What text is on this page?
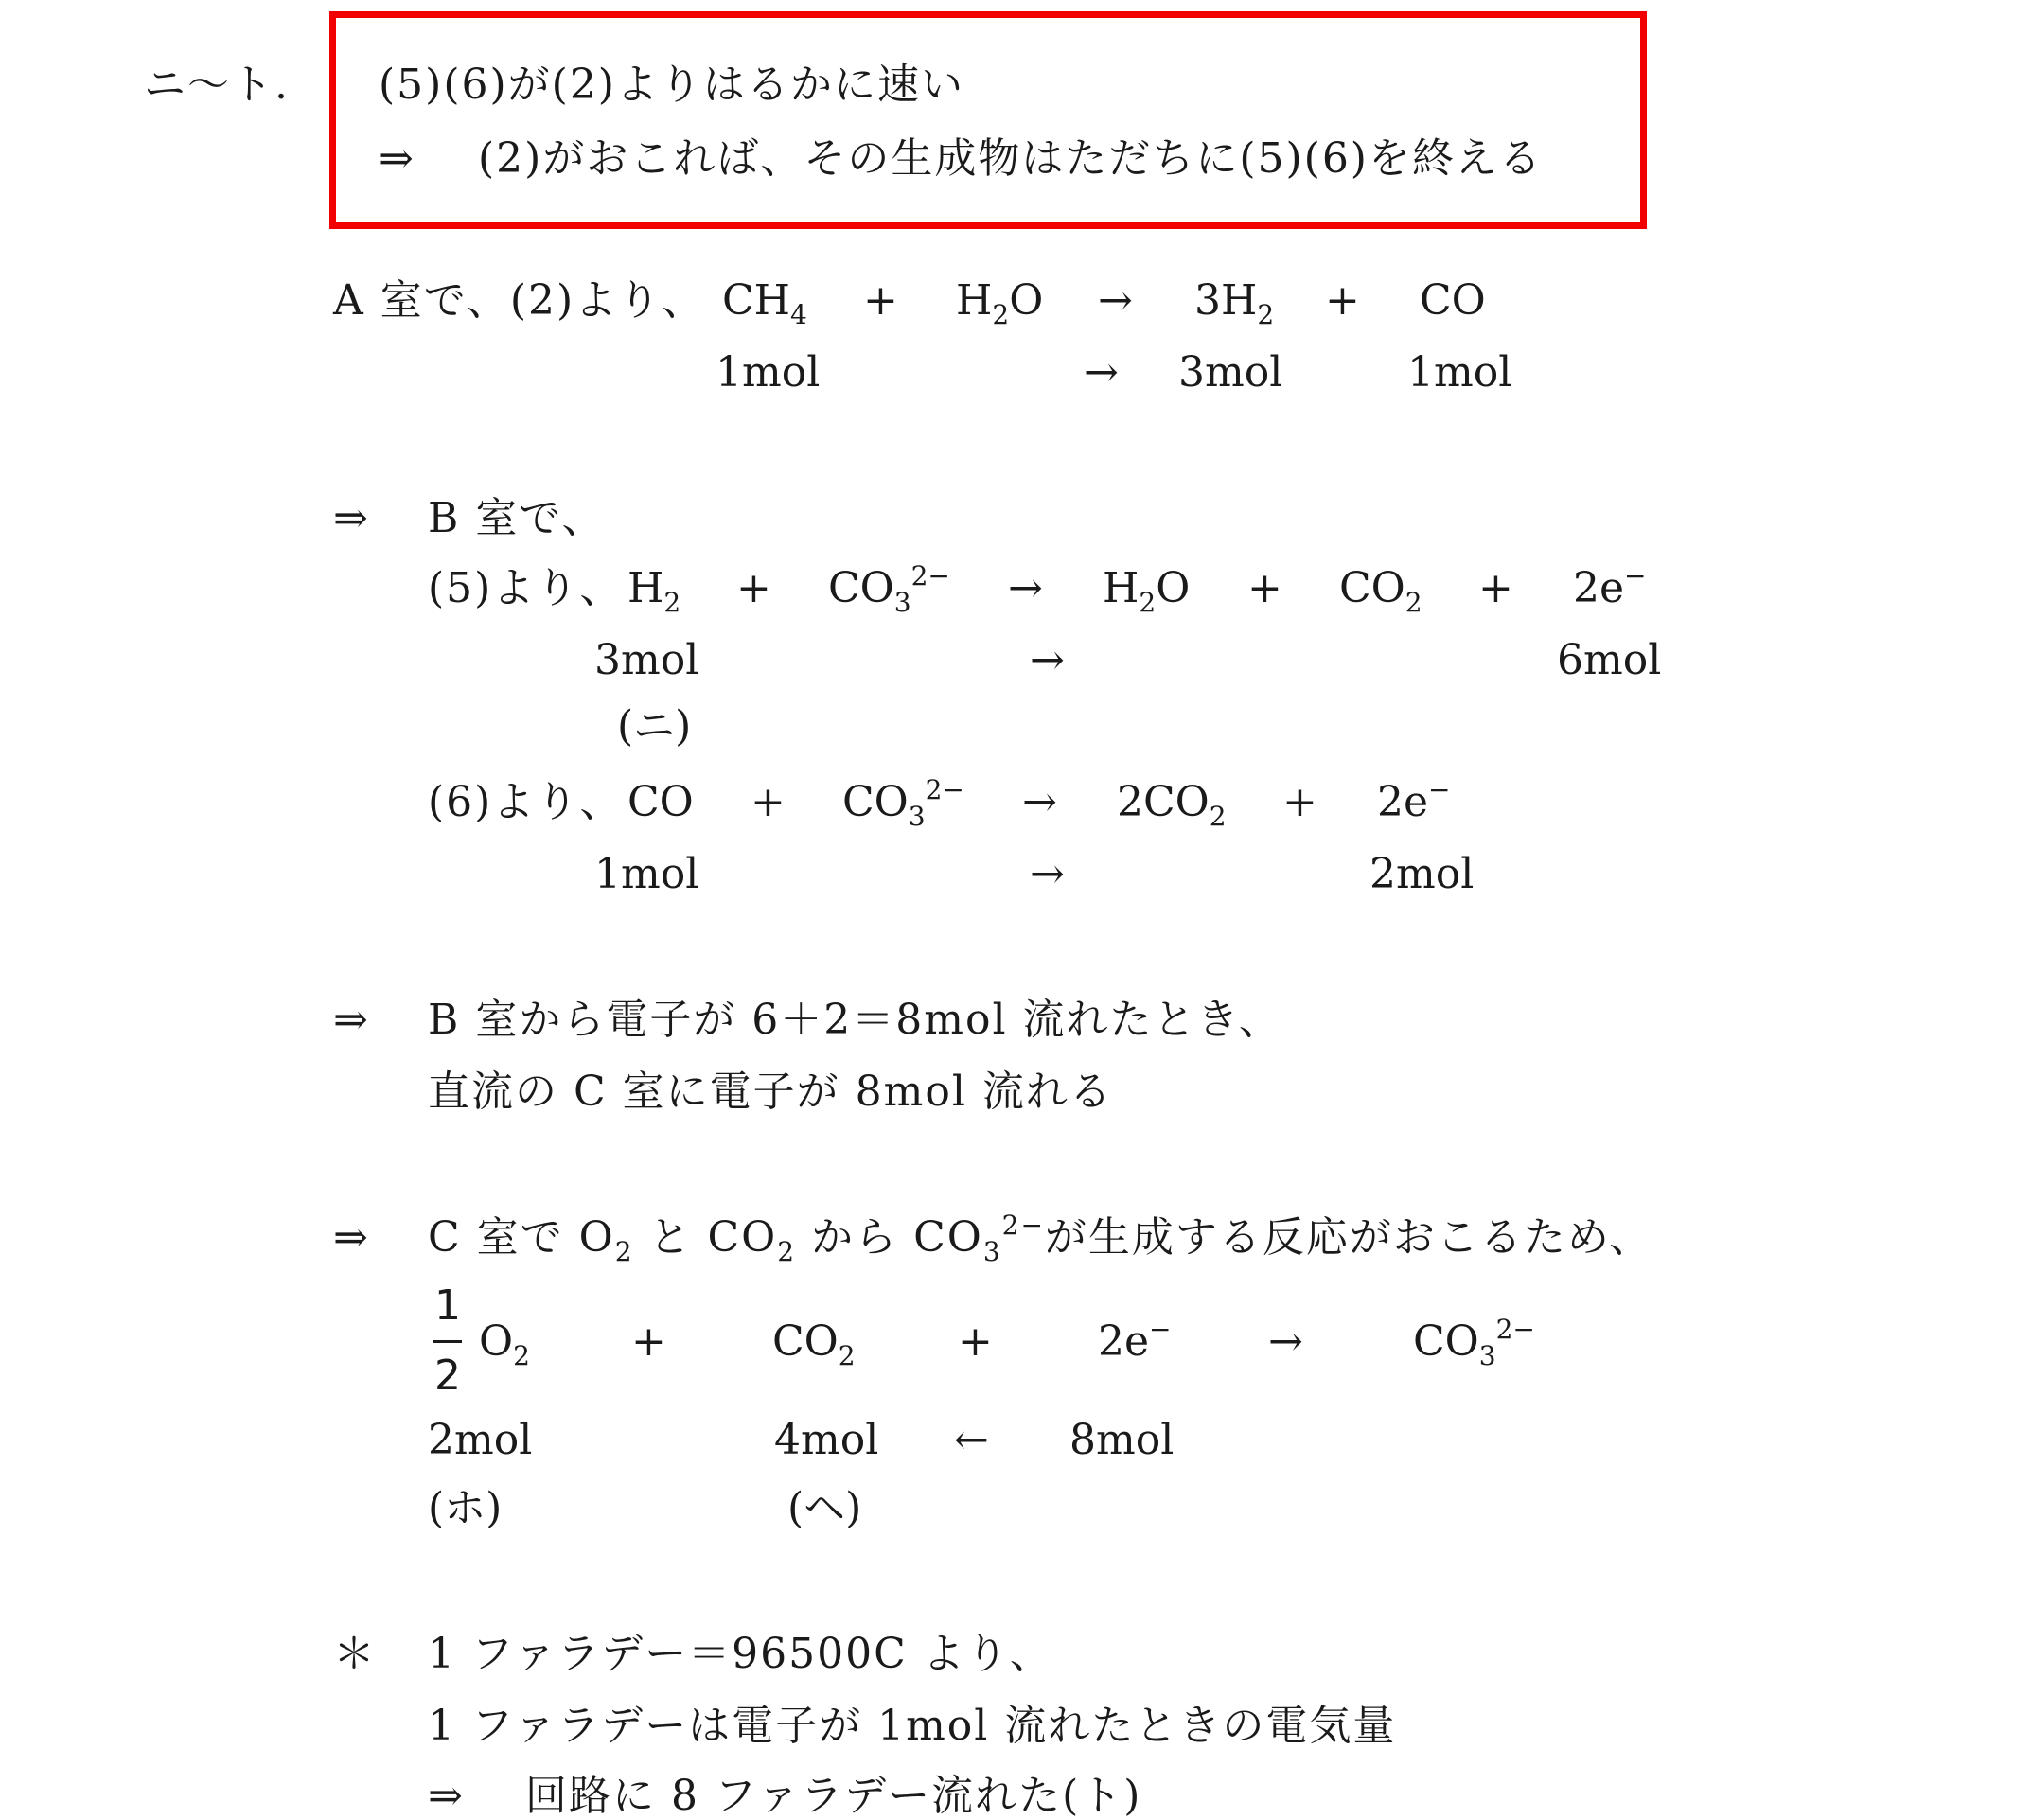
ニ〜ト. (5)(6)が(2)よりはるかに速い
⇒ (2)がおこれば、その生成物はただちに(5)(6)を終える
A 室で、(2)より、 $CH_4 + H_2O \to 3H_2$ + CO
1mol	→ 3mol	1mol
⇒ B 室で、
(5)より、 $H_2 + CO_3^{2-} \to H_2O + CO_2 + 2e^-$
3mol	→	6mol
(ニ)
(6)より、 CO + $CO_3^{2-} \to 2CO_2 + 2e^-$
1mol	→	2mol
⇒ B 室から電子が 6＋2＝8mol 流れたとき、
直流の C 室に電子が 8mol 流れる
⇒ C 室で $O_2$ と $CO_2$ から $CO_3^{2-}$が生成する反応がおこるため、
1
2
$O_2$ +	$CO_2$ +	2e− →	$CO_3^{2-}$
2mol	4mol ← 8mol
(ホ)	(ヘ)
＊ 1 ファラデー＝96500C より、
1 ファラデーは電子が 1mol 流れたときの電気量
⇒ 回路に 8 ファラデー流れた(ト)
